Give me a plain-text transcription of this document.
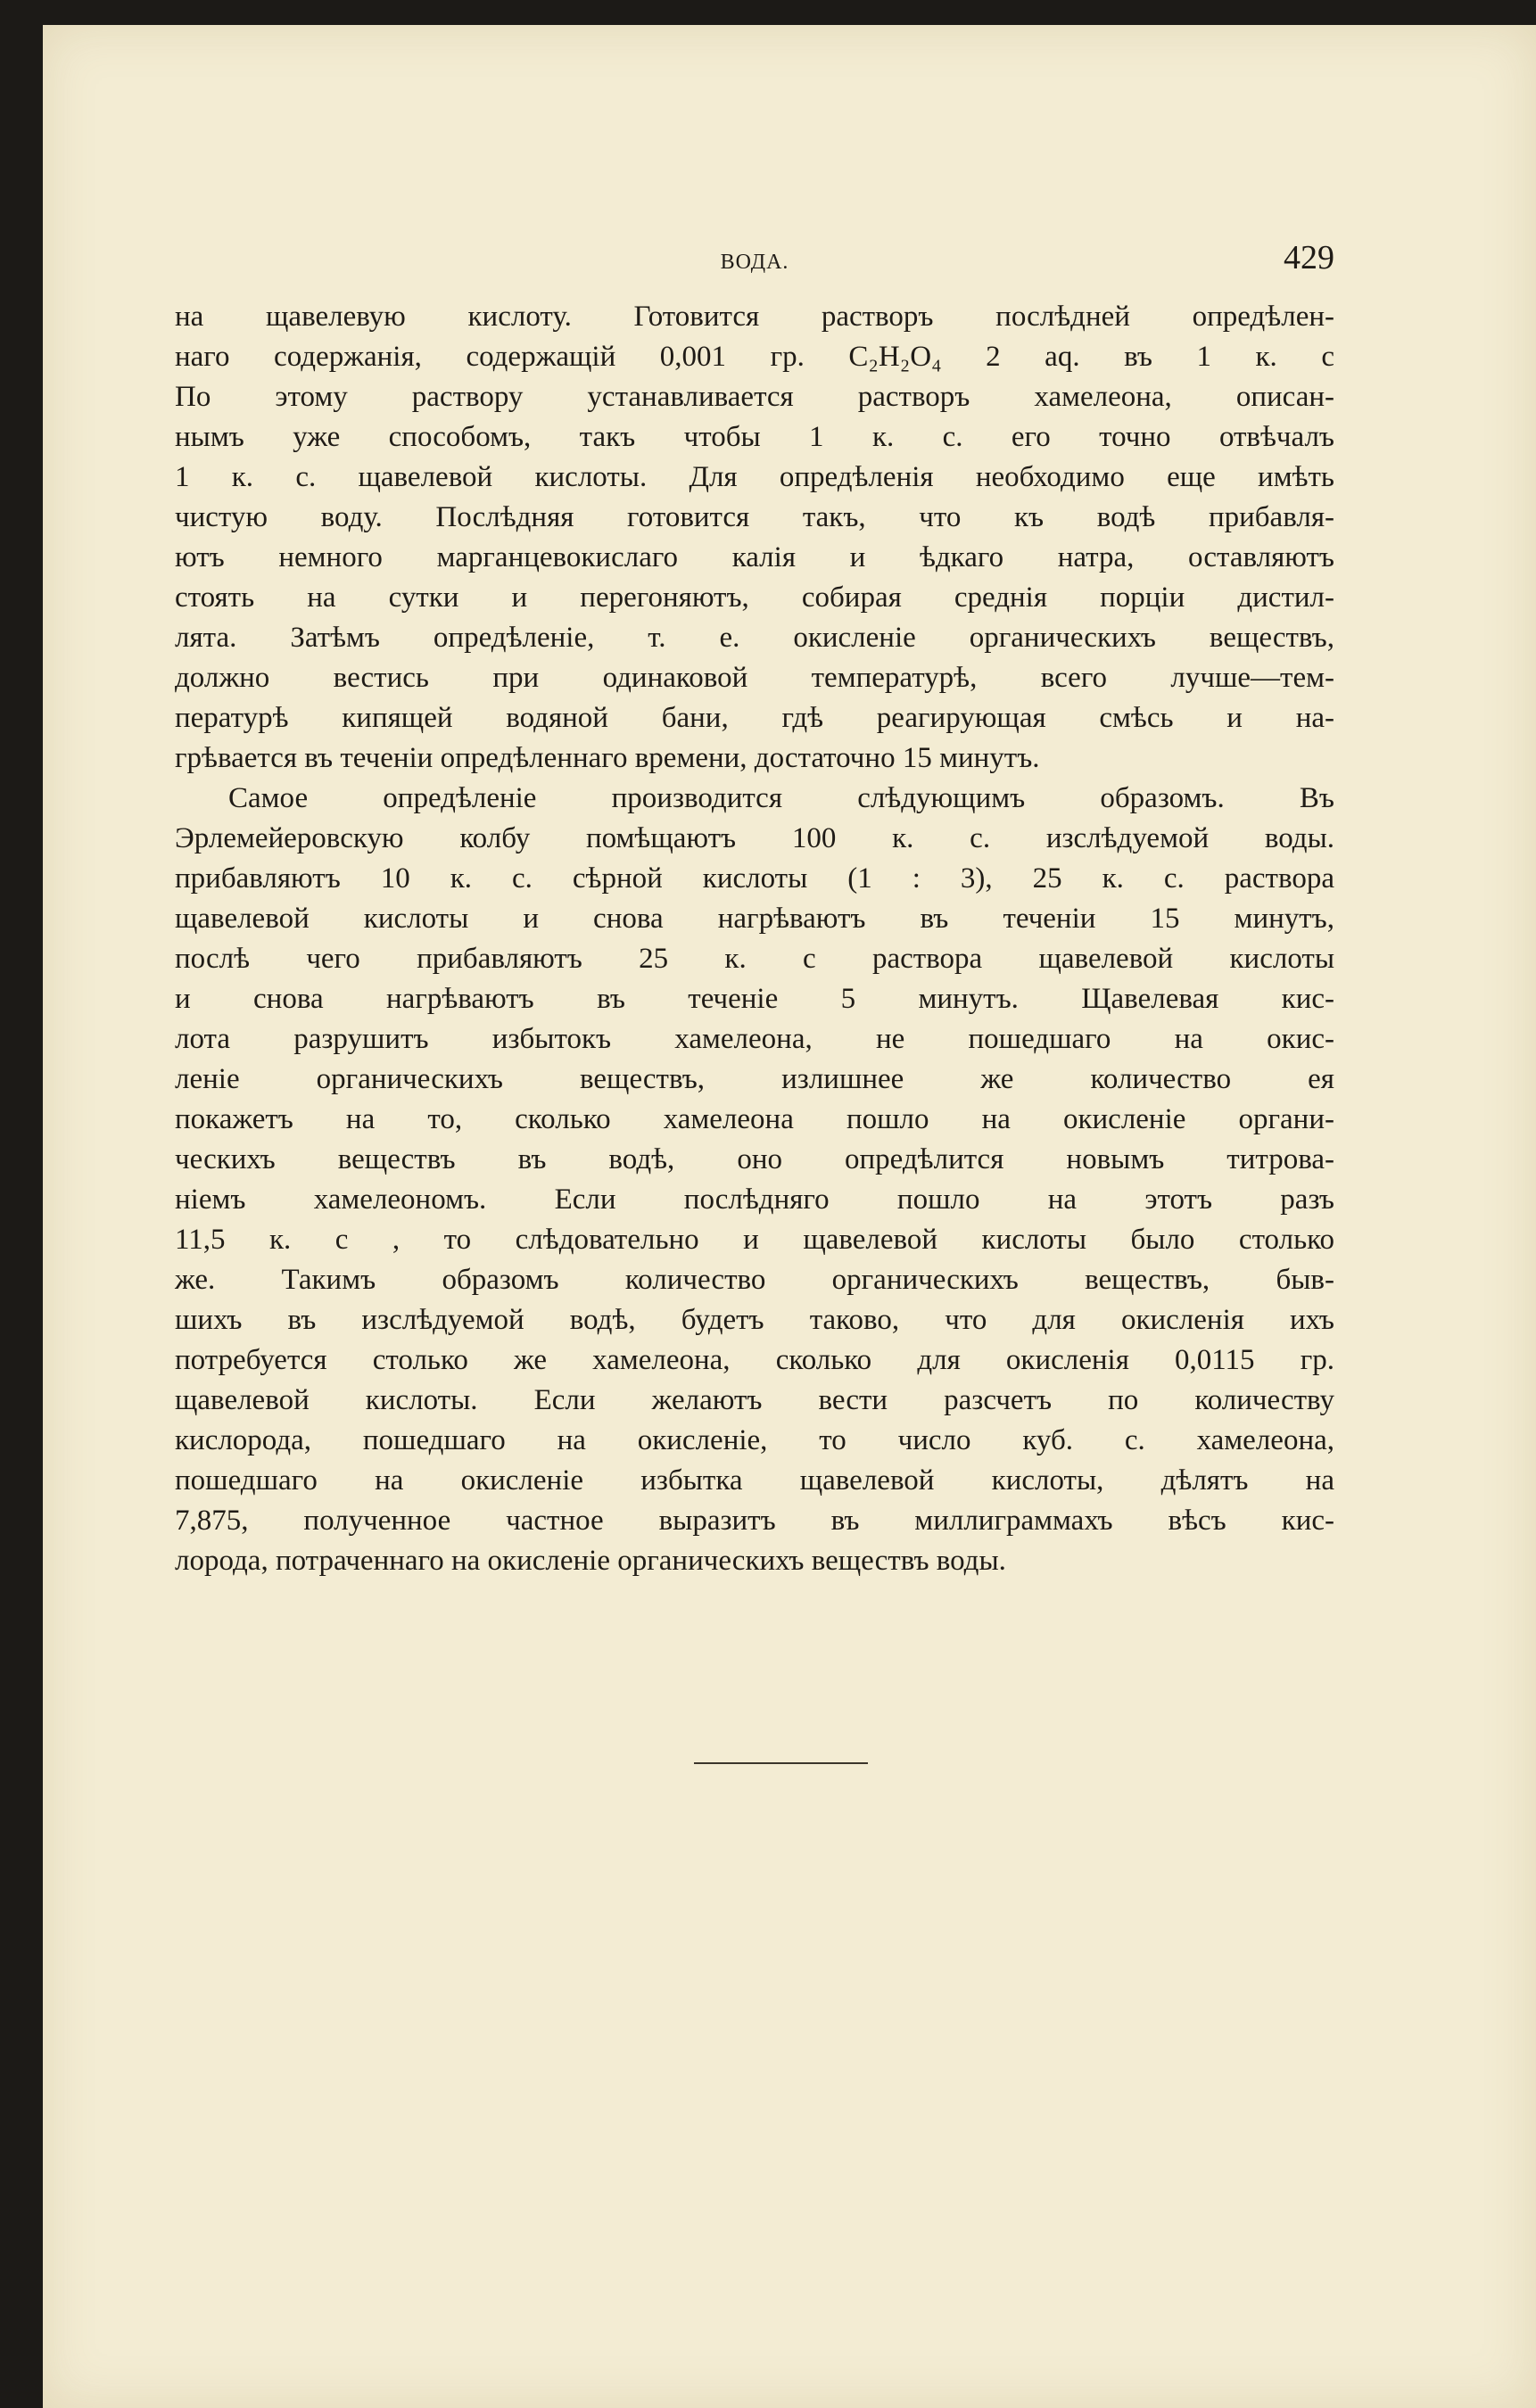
ВОДА.	429

на щавелевую кислоту. Готовится растворъ послѣдней опредѣлен-

наго содержанія, содержащій 0,001 гр. C₂H₂O₄ 2 aq. въ 1 к. с

По этому раствору устанавливается растворъ хамелеона, описан-

нымъ уже способомъ, такъ чтобы 1 к. с. его точно отвѣчалъ

1 к. с. щавелевой кислоты. Для опредѣленія необходимо еще имѣть

чистую воду. Послѣдняя готовится такъ, что къ водѣ прибавля-

ютъ немного марганцевокислаго калія и ѣдкаго натра, оставляютъ

стоять на сутки и перегоняютъ, собирая среднія порціи дистил-

лята. Затѣмъ опредѣленіе, т. е. окисленіе органическихъ веществъ,

должно вестись при одинаковой температурѣ, всего лучше—тем-

пературѣ кипящей водяной бани, гдѣ реагирующая смѣсь и на-

грѣвается въ теченіи опредѣленнаго времени, достаточно 15 минутъ.

Самое опредѣленіе производится слѣдующимъ образомъ. Въ

Эрлемейеровскую колбу помѣщаютъ 100 к. с. изслѣдуемой воды.

прибавляютъ 10 к. с. сѣрной кислоты (1 : 3), 25 к. с. раствора

щавелевой кислоты и снова нагрѣваютъ въ теченіи 15 минутъ,

послѣ чего прибавляютъ 25 к. с раствора щавелевой кислоты

и снова нагрѣваютъ въ теченіе 5 минутъ. Щавелевая кис-

лота разрушитъ избытокъ хамелеона, не пошедшаго на окис-

леніе органическихъ веществъ, излишнее же количество ея

покажетъ на то, сколько хамелеона пошло на окисленіе органи-

ческихъ веществъ въ водѣ, оно опредѣлится новымъ титрова-

ніемъ хамелеономъ. Если послѣдняго пошло на этотъ разъ

11,5 к. с , то слѣдовательно и щавелевой кислоты было столько

же. Такимъ образомъ количество органическихъ веществъ, быв-

шихъ въ изслѣдуемой водѣ, будетъ таково, что для окисленія ихъ

потребуется столько же хамелеона, сколько для окисленія 0,0115 гр.

щавелевой кислоты. Если желаютъ вести разсчетъ по количеству

кислорода, пошедшаго на окисленіе, то число куб. с. хамелеона,

пошедшаго на окисленіе избытка щавелевой кислоты, дѣлятъ на

7,875, полученное частное выразитъ въ миллиграммахъ вѣсъ кис-

лорода, потраченнаго на окисленіе органическихъ веществъ воды.
